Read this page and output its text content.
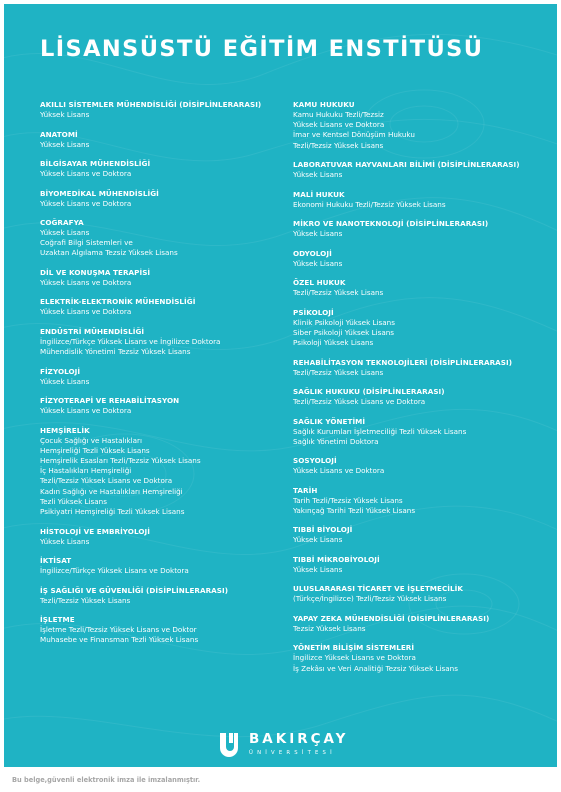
LİSANSÜSTÜ EĞİTİM ENSTİTÜSÜ
AKILLI SİSTEMLER MÜHENDİSLİĞİ (DİSİPLİNLERARASI)
Yüksek Lisans
ANATOMİ
Yüksek Lisans
BİLGİSAYAR MÜHENDİSLİĞİ
Yüksek Lisans ve Doktora
BİYOMEDİKAL MÜHENDİSLİĞİ
Yüksek Lisans ve Doktora
COĞRAFYA
Yüksek Lisans
Coğrafi Bilgi Sistemleri ve
Uzaktan Algılama Tezsiz Yüksek Lisans
DİL VE KONUŞMA TERAPİSİ
Yüksek Lisans ve Doktora
ELEKTRİK-ELEKTRONİK MÜHENDİSLİĞİ
Yüksek Lisans ve Doktora
ENDÜSTRİ MÜHENDİSLİĞİ
İngilizce/Türkçe Yüksek Lisans ve İngilizce Doktora
Mühendislik Yönetimi Tezsiz Yüksek Lisans
FİZYOLOJİ
Yüksek Lisans
FİZYOTERAPİ VE REHABİLİTASYON
Yüksek Lisans ve Doktora
HEMŞİRELİK
Çocuk Sağlığı ve Hastalıkları
Hemşireliği Tezli Yüksek Lisans
Hemşirelik Esasları Tezli/Tezsiz Yüksek Lisans
İç Hastalıkları Hemşireliği
Tezli/Tezsiz Yüksek Lisans ve Doktora
Kadın Sağlığı ve Hastalıkları Hemşireliği
Tezli Yüksek Lisans
Psikiyatri Hemşireliği Tezli Yüksek Lisans
HİSTOLOJİ VE EMBRİYOLOJİ
Yüksek Lisans
İKTİSAT
İngilizce/Türkçe Yüksek Lisans ve Doktora
İŞ SAĞLIĞI VE GÜVENLİĞİ (DİSİPLİNLERARASI)
Tezli/Tezsiz Yüksek Lisans
İŞLETME
İşletme Tezli/Tezsiz Yüksek Lisans ve Doktor
Muhasebe ve Finansman Tezli Yüksek Lisans
KAMU HUKUKU
Kamu Hukuku Tezli/Tezsiz
Yüksek Lisans ve Doktora
İmar ve Kentsel Dönüşüm Hukuku
Tezli/Tezsiz Yüksek Lisans
LABORATUVAR HAYVANLARI BİLİMİ (DİSİPLİNLERARASI)
Yüksek Lisans
MALİ HUKUK
Ekonomi Hukuku Tezli/Tezsiz Yüksek Lisans
MİKRO VE NANOTEKNOLOJİ (DİSİPLİNLERARASI)
Yüksek Lisans
ODYOLOJİ
Yüksek Lisans
ÖZEL HUKUK
Tezli/Tezsiz Yüksek Lisans
PSİKOLOJİ
Klinik Psikoloji Yüksek Lisans
Siber Psikoloji Yüksek Lisans
Psikoloji Yüksek Lisans
REHABİLİTASYON TEKNOLOJİLERİ (DİSİPLİNLERARASI)
Tezli/Tezsiz Yüksek Lisans
SAĞLIK HUKUKU (DİSİPLİNLERARASI)
Tezli/Tezsiz Yüksek Lisans ve Doktora
SAĞLIK YÖNETİMİ
Sağlık Kurumları İşletmeciliği Tezli Yüksek Lisans
Sağlık Yönetimi Doktora
SOSYOLOJİ
Yüksek Lisans ve Doktora
TARİH
Tarih Tezli/Tezsiz Yüksek Lisans
Yakınçağ Tarihi Tezli Yüksek Lisans
TIBBİ BİYOLOJİ
Yüksek Lisans
TIBBİ MİKROBİYOLOJİ
Yüksek Lisans
ULUSLARARASI TİCARET VE İŞLETMECİLİK
(Türkçe/İngilizce) Tezli/Tezsiz Yüksek Lisans
YAPAY ZEKA MÜHENDİSLİĞİ (DİSİPLİNLERARASI)
Tezsiz Yüksek Lisans
YÖNETİM BİLİŞİM SİSTEMLERİ
İngilizce Yüksek Lisans ve Doktora
İş Zekâsı ve Veri Analitiği Tezsiz Yüksek Lisans
BAKIRÇAY
ÜNİVERSİTESİ
Bu belge,güvenli elektronik imza ile imzalanmıştır.
